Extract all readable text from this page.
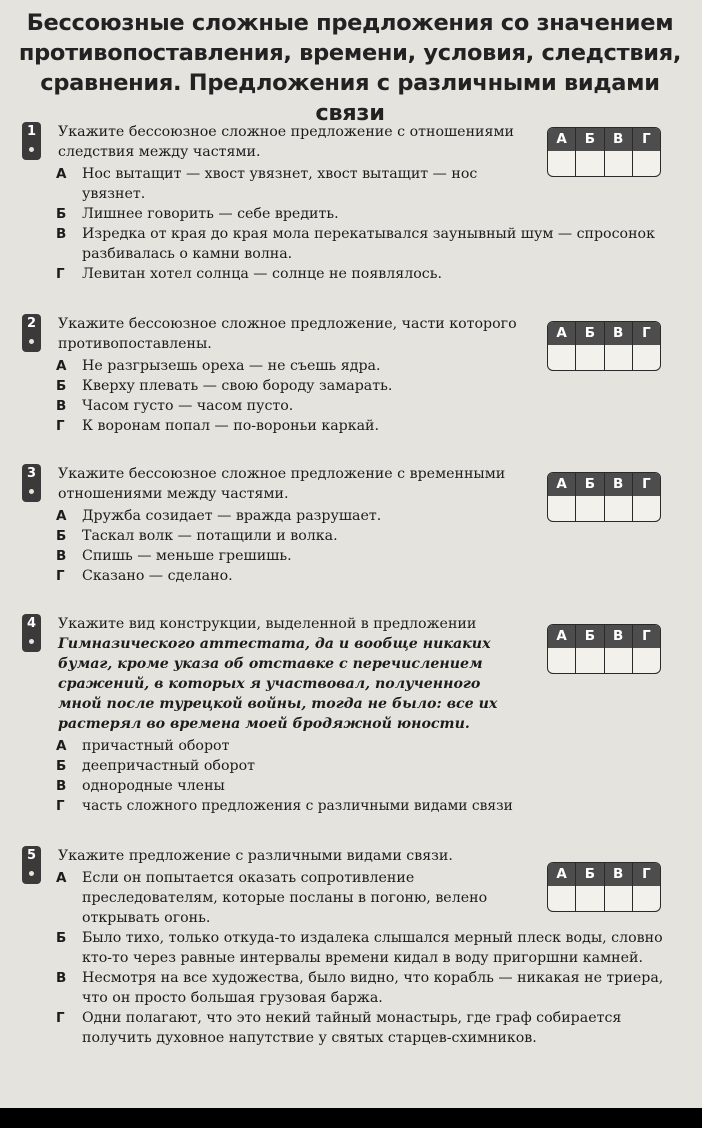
Бессоюзные сложные предложения со значением противопоставления, времени, условия, следствия, сравнения. Предложения с различными видами связи
1	Укажите бессоюзное сложное предложение с отношениями следствия между частями.
А	Б	В	Г
А	Нос вытащит — хвост увязнет, хвост вытащит — нос увязнет.
Б	Лишнее говорить — себе вредить.
В	Изредка от края до края мола перекатывался заунывный шум — спросонок разбивалась о камни волна.
Г	Левитан хотел солнца — солнце не появлялось.
2	Укажите бессоюзное сложное предложение, части которого противопоставлены.
А	Б	В	Г
А	Не разгрызешь ореха — не съешь ядра.
Б	Кверху плевать — свою бороду замарать.
В	Часом густо — часом пусто.
Г	К воронам попал — по-вороньи каркай.
3	Укажите бессоюзное сложное предложение с временными отношениями между частями.
А	Б	В	Г
А	Дружба созидает — вражда разрушает.
Б	Таскал волк — потащили и волка.
В	Спишь — меньше грешишь.
Г	Сказано — сделано.
4	Укажите вид конструкции, выделенной в предложении Гимназического аттестата, да и вообще никаких бумаг, кроме указа об отставке с перечислением сражений, в которых я участвовал, полученного мной после турецкой войны, тогда не было: все их растерял во времена моей бродяжной юности.
А	Б	В	Г
А	причастный оборот
Б	деепричастный оборот
В	однородные члены
Г	часть сложного предложения с различными видами связи
5	Укажите предложение с различными видами связи.
А	Б	В	Г
А	Если он попытается оказать сопротивление преследователям, которые посланы в погоню, велено открывать огонь.
Б	Было тихо, только откуда-то издалека слышался мерный плеск воды, словно кто-то через равные интервалы времени кидал в воду пригоршни камней.
В	Несмотря на все художества, было видно, что корабль — никакая не триера, что он просто большая грузовая баржа.
Г	Одни полагают, что это некий тайный монастырь, где граф собирается получить духовное напутствие у святых старцев-схимников.
